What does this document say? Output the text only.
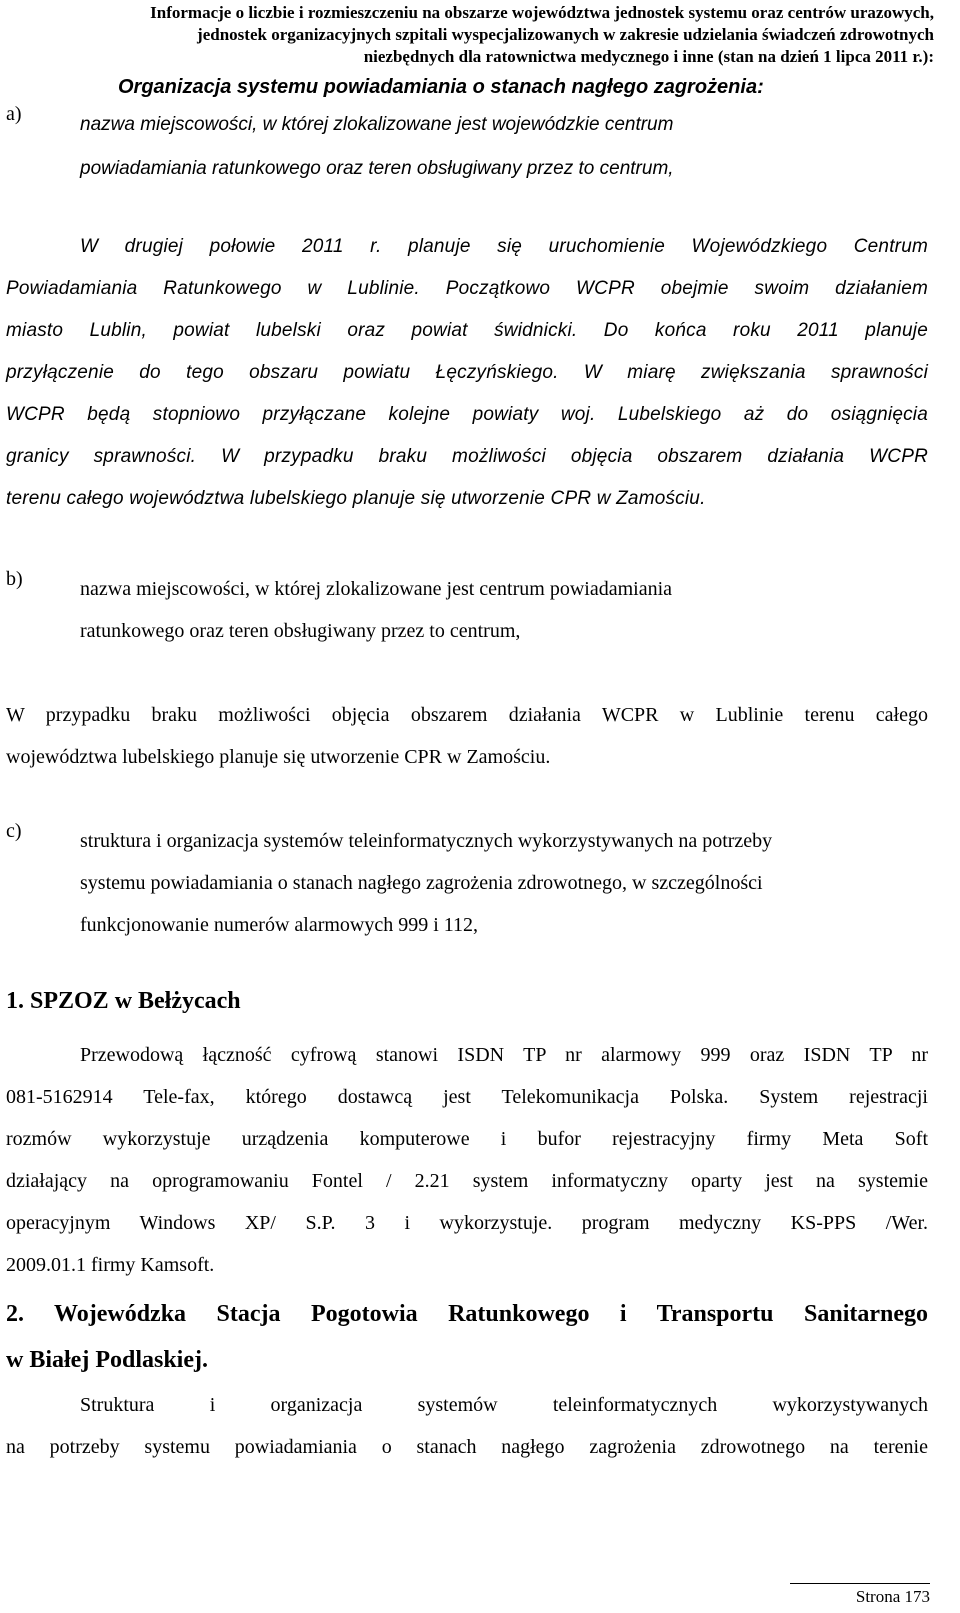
Informacje o liczbie i rozmieszczeniu na obszarze województwa jednostek systemu oraz centrów urazowych,
jednostek organizacyjnych szpitali wyspecjalizowanych w zakresie udzielania świadczeń zdrowotnych
niezbędnych dla ratownictwa medycznego i inne (stan na dzień 1 lipca 2011 r.):
Organizacja systemu powiadamiania o stanach nagłego zagrożenia:
a)	nazwa miejscowości, w której zlokalizowane jest wojewódzkie centrum
powiadamiania ratunkowego oraz teren obsługiwany przez to centrum,
W drugiej połowie 2011 r. planuje się uruchomienie Wojewódzkiego Centrum
Powiadamiania Ratunkowego w Lublinie. Początkowo WCPR obejmie swoim działaniem
miasto Lublin, powiat lubelski oraz powiat świdnicki. Do końca roku 2011 planuje
przyłączenie do tego obszaru powiatu Łęczyńskiego. W miarę zwiększania sprawności
WCPR będą stopniowo przyłączane kolejne powiaty woj. Lubelskiego aż do osiągnięcia
granicy sprawności. W przypadku braku możliwości objęcia obszarem działania WCPR
terenu całego województwa lubelskiego planuje się utworzenie CPR w Zamościu.
b)	nazwa miejscowości, w której zlokalizowane jest centrum powiadamiania
ratunkowego oraz teren obsługiwany przez to centrum,
W przypadku braku możliwości objęcia obszarem działania WCPR w Lublinie terenu całego
województwa lubelskiego planuje się utworzenie CPR w Zamościu.
c)	struktura i organizacja systemów teleinformatycznych wykorzystywanych na potrzeby
systemu powiadamiania o stanach nagłego zagrożenia zdrowotnego, w szczególności
funkcjonowanie numerów alarmowych 999 i 112,
1. SPZOZ w Bełżycach
Przewodową łączność cyfrową stanowi ISDN TP nr alarmowy 999 oraz ISDN TP nr
081-5162914 Tele-fax, którego dostawcą jest Telekomunikacja Polska. System rejestracji
rozmów wykorzystuje urządzenia komputerowe i bufor rejestracyjny firmy Meta Soft
działający na oprogramowaniu Fontel / 2.21 system informatyczny oparty jest na systemie
operacyjnym Windows XP/ S.P. 3 i wykorzystuje. program medyczny KS-PPS /Wer.
2009.01.1 firmy Kamsoft.
2. Wojewódzka Stacja Pogotowia Ratunkowego i Transportu Sanitarnego
w Białej Podlaskiej.
Struktura i organizacja systemów teleinformatycznych wykorzystywanych
na potrzeby systemu powiadamiania o stanach nagłego zagrożenia zdrowotnego na terenie
Strona 173
